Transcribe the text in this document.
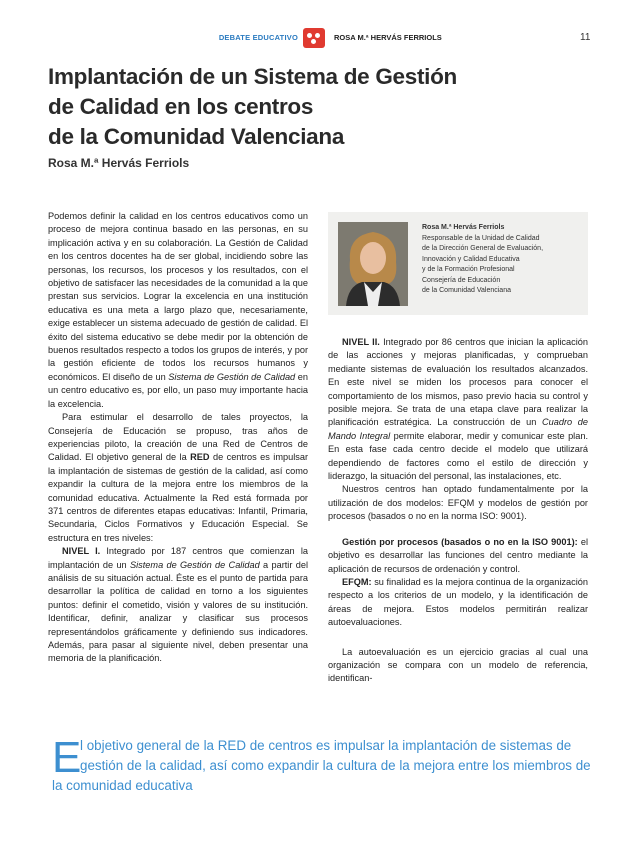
DEBATE EDUCATIVO	ROSA M.ª HERVÁS FERRIOLS	11
Implantación de un Sistema de Gestión
de Calidad en los centros
de la Comunidad Valenciana
Rosa M.ª Hervás Ferriols

Podemos definir la calidad en los centros educativos como un proceso de mejora continua basado en las personas, en su implicación activa y en su colaboración. La Gestión de Calidad en los centros docentes ha de ser global, incidiendo sobre las personas, los recursos, los procesos y los resultados, con el objetivo de satisfacer las necesidades de la comunidad a la que prestan sus servicios. Lograr la excelencia en una institución educativa es una meta a largo plazo que, necesariamente, exige establecer un sistema adecuado de gestión de calidad. El éxito del sistema educativo se debe medir por la obtención de buenos resultados respecto a todos los grupos de interés, y por la gestión eficiente de todos los recursos humanos y económicos. El diseño de un Sistema de Gestión de Calidad en un centro educativo es, por ello, un paso muy importante hacia la excelencia.

Para estimular el desarrollo de tales proyectos, la Consejería de Educación se propuso, tras años de experiencias piloto, la creación de una Red de Centros de Calidad. El objetivo general de la RED de centros es impulsar la implantación de sistemas de gestión de la calidad, así como expandir la cultura de la mejora entre los miembros de la comunidad educativa. Actualmente la Red está formada por 371 centros de diferentes etapas educativas: Infantil, Primaria, Secundaria, Ciclos Formativos y Educación Especial. Se estructura en tres niveles:

NIVEL I. Integrado por 187 centros que comienzan la implantación de un Sistema de Gestión de Calidad a partir del análisis de su situación actual. Éste es el punto de partida para desarrollar la política de calidad en torno a los siguientes puntos: definir el cometido, visión y valores de su institución. Identificar, definir, analizar y clasificar sus procesos representándolos gráficamente y definiendo sus indicadores. Además, para pasar al siguiente nivel, deben presentar una memoria de la planificación.

Rosa M.ª Hervás Ferriols
Responsable de la Unidad de Calidad
de la Dirección General de Evaluación,
Innovación y Calidad Educativa
y de la Formación Profesional
Consejería de Educación
de la Comunidad Valenciana

NIVEL II. Integrado por 86 centros que inician la aplicación de las acciones y mejoras planificadas, y comprueban mediante sistemas de evaluación los resultados alcanzados. En este nivel se miden los procesos para conocer el comportamiento de los mismos, paso previo hacia su control y posible mejora. Se trata de una etapa clave para realizar la planificación estratégica. La construcción de un Cuadro de Mando Integral permite elaborar, medir y comunicar este plan. En esta fase cada centro decide el modelo que utilizará dependiendo de factores como el estilo de dirección y liderazgo, la situación del personal, las instalaciones, etc.

Nuestros centros han optado fundamentalmente por la utilización de dos modelos: EFQM y modelos de gestión por procesos (basados o no en la norma ISO: 9001).

Gestión por procesos (basados o no en la ISO 9001): el objetivo es desarrollar las funciones del centro mediante la aplicación de recursos de ordenación y control.

EFQM: su finalidad es la mejora continua de la organización respecto a los criterios de un modelo, y la identificación de áreas de mejora. Estos modelos permitirán realizar autoevaluaciones.

La autoevaluación es un ejercicio gracias al cual una organización se compara con un modelo de referencia, identifican-

E
l objetivo general de la RED de centros es impulsar la implantación de sistemas de
gestión de la calidad, así como expandir la cultura de la mejora entre los miembros de
la comunidad educativa
